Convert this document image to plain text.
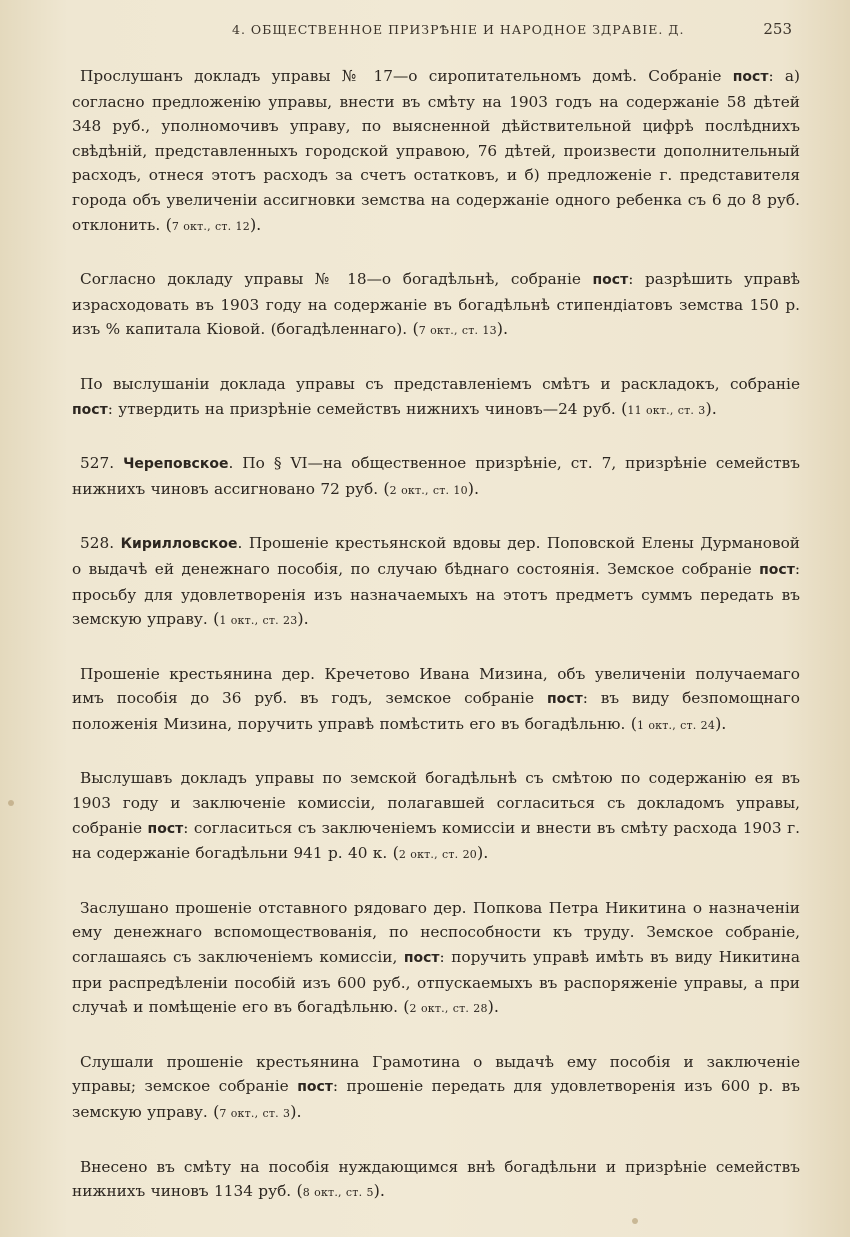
4. ОБЩЕСТВЕННОЕ ПРИЗРѢНІЕ И НАРОДНОЕ ЗДРАВІЕ. Д.	253

Прослушанъ докладъ управы № 17—о сиропитательномъ домѣ. Собраніе пост: а) согласно предложенію управы, внести въ смѣту на 1903 годъ на содержаніе 58 дѣтей 348 руб., уполномочивъ управу, по выясненной дѣйствительной цифрѣ послѣднихъ свѣдѣній, представленныхъ городской управою, 76 дѣтей, произвести дополнительный расходъ, отнеся этотъ расходъ за счетъ остатковъ, и б) предложеніе г. представителя города объ увеличеніи ассигновки земства на содержаніе одного ребенка съ 6 до 8 руб. отклонить. (7 окт., ст. 12).

Согласно докладу управы № 18—о богадѣльнѣ, собраніе пост: разрѣшить управѣ израсходовать въ 1903 году на содержаніе въ богадѣльнѣ стипендіатовъ земства 150 р. изъ % капитала Кіовой. (богадѣленнаго). (7 окт., ст. 13).

По выслушаніи доклада управы съ представленіемъ смѣтъ и раскладокъ, собраніе пост: утвердить на призрѣніе семействъ нижнихъ чиновъ—24 руб. (11 окт., ст. 3).

527. Череповское. По § VI—на общественное призрѣніе, ст. 7, призрѣніе семействъ нижнихъ чиновъ ассигновано 72 руб. (2 окт., ст. 10).

528. Кирилловское. Прошеніе крестьянской вдовы дер. Поповской Елены Дурмановой о выдачѣ ей денежнаго пособія, по случаю бѣднаго состоянія. Земское собраніе пост: просьбу для удовлетворенія изъ назначаемыхъ на этотъ предметъ суммъ передать въ земскую управу. (1 окт., ст. 23).

Прошеніе крестьянина дер. Кречетово Ивана Мизина, объ увеличеніи получаемаго имъ пособія до 36 руб. въ годъ, земское собраніе пост: въ виду безпомощнаго положенія Мизина, поручить управѣ помѣстить его въ богадѣльню. (1 окт., ст. 24).

Выслушавъ докладъ управы по земской богадѣльнѣ съ смѣтою по содержанію ея въ 1903 году и заключеніе комиссіи, полагавшей согласиться съ докладомъ управы, собраніе пост: согласиться съ заключеніемъ комиссіи и внести въ смѣту расхода 1903 г. на содержаніе богадѣльни 941 р. 40 к. (2 окт., ст. 20).

Заслушано прошеніе отставного рядоваго дер. Попкова Петра Никитина о назначеніи ему денежнаго вспомоществованія, по неспособности къ труду. Земское собраніе, соглашаясь съ заключеніемъ комиссіи, пост: поручить управѣ имѣть въ виду Никитина при распредѣленіи пособій изъ 600 руб., отпускаемыхъ въ распоряженіе управы, а при случаѣ и помѣщеніе его въ богадѣльню. (2 окт., ст. 28).

Слушали прошеніе крестьянина Грамотина о выдачѣ ему пособія и заключеніе управы; земское собраніе пост: прошеніе передать для удовлетворенія изъ 600 р. въ земскую управу. (7 окт., ст. 3).

Внесено въ смѣту на пособія нуждающимся внѣ богадѣльни и призрѣніе семействъ нижнихъ чиновъ 1134 руб. (8 окт., ст. 5).
